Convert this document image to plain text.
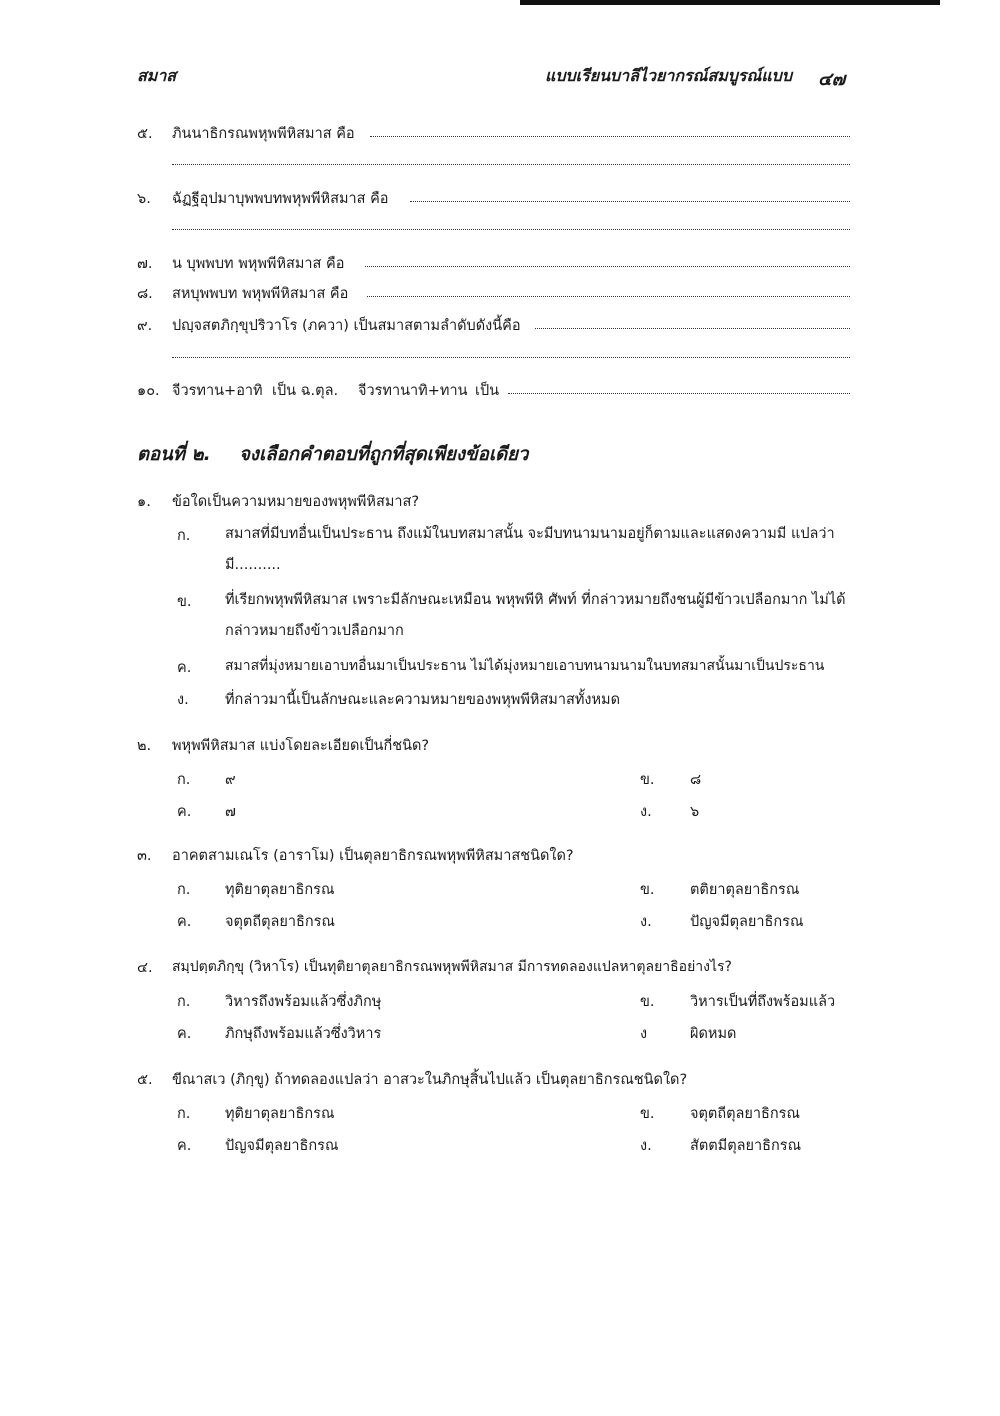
สมาส	แบบเรียนบาลีไวยากรณ์สมบูรณ์แบบ ๔๗
๕. ภินนาธิกรณพหุพพีหิสมาส คือ
๖. ฉัฏฐีอุปมาบุพพบทพหุพพีหิสมาส คือ
๗. น บุพพบท พหุพพีหิสมาส คือ
๘. สหบุพพบท พหุพพีหิสมาส คือ
๙. ปญฺจสตภิกฺขุปริวาโร (ภควา) เป็นสมาสตามลำดับดังนี้คือ
๑๐. จีวรทาน+อาทิ เป็น ฉ.ตุล. จีวรทานาทิ+ทาน เป็น
ตอนที่ ๒. จงเลือกคำตอบที่ถูกที่สุดเพียงข้อเดียว
๑. ข้อใดเป็นความหมายของพหุพพีหิสมาส?
ก. สมาสที่มีบทอื่นเป็นประธาน ถึงแม้ในบทสมาสนั้น จะมีบทนามนามอยู่ก็ตามและแสดงความมี แปลว่า มี..........
ข. ที่เรียกพหุพพีหิสมาส เพราะมีลักษณะเหมือน พหุพพีหิ ศัพท์ ที่กล่าวหมายถึงชนผู้มีข้าวเปลือกมาก ไม่ได้กล่าวหมายถึงข้าวเปลือกมาก
ค. สมาสที่มุ่งหมายเอาบทอื่นมาเป็นประธาน ไม่ได้มุ่งหมายเอาบทนามนามในบทสมาสนั้นมาเป็นประธาน
ง.	ที่กล่าวมานี้เป็นลักษณะและความหมายของพหุพพีหิสมาสทั้งหมด
๒. พหุพพีหิสมาส แบ่งโดยละเอียดเป็นกี่ชนิด?
ก. ๙	ข. ๘
ค. ๗	ง.	๖
๓. อาคตสามเณโร (อาราโม) เป็นตุลยาธิกรณพหุพพีหิสมาสชนิดใด?
ก. ทุติยาตุลยาธิกรณ	ข. ตติยาตุลยาธิกรณ
ค. จตุตถีตุลยาธิกรณ	ง.	ปัญจมีตุลยาธิกรณ
๔. สมฺปตฺตภิกฺขุ (วิหาโร) เป็นทุติยาตุลยาธิกรณพหุพพีหิสมาส มีการทดลองแปลหาตุลยาธิอย่างไร?
ก. วิหารถึงพร้อมแล้วซึ่งภิกษุ	ข. วิหารเป็นที่ถึงพร้อมแล้ว
ค. ภิกษุถึงพร้อมแล้วซึ่งวิหาร	ง	ผิดหมด
๕. ขีณาสเว (ภิกฺขู) ถ้าทดลองแปลว่า อาสวะในภิกษุสิ้นไปแล้ว เป็นตุลยาธิกรณชนิดใด?
ก. ทุติยาตุลยาธิกรณ	ข. จตุตถีตุลยาธิกรณ
ค. ปัญจมีตุลยาธิกรณ	ง.	สัตตมีตุลยาธิกรณ
